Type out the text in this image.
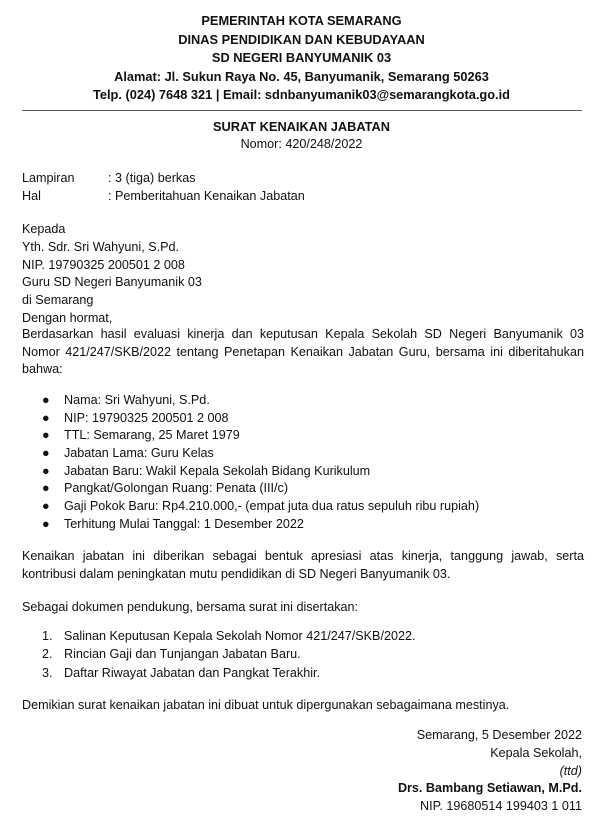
PEMERINTAH KOTA SEMARANG
DINAS PENDIDIKAN DAN KEBUDAYAAN
SD NEGERI BANYUMANIK 03
Alamat: Jl. Sukun Raya No. 45, Banyumanik, Semarang 50263
Telp. (024) 7648 321 | Email: sdnbanyumanik03@semarangkota.go.id
SURAT KENAIKAN JABATAN
Nomor: 420/248/2022
Lampiran	: 3 (tiga) berkas
Hal	: Pemberitahuan Kenaikan Jabatan
Kepada
Yth. Sdr. Sri Wahyuni, S.Pd.
NIP. 19790325 200501 2 008
Guru SD Negeri Banyumanik 03
di Semarang
Dengan hormat,
Berdasarkan hasil evaluasi kinerja dan keputusan Kepala Sekolah SD Negeri Banyumanik 03 Nomor 421/247/SKB/2022 tentang Penetapan Kenaikan Jabatan Guru, bersama ini diberitahukan bahwa:
●	Nama: Sri Wahyuni, S.Pd.
●	NIP: 19790325 200501 2 008
●	TTL: Semarang, 25 Maret 1979
●	Jabatan Lama: Guru Kelas
●	Jabatan Baru: Wakil Kepala Sekolah Bidang Kurikulum
●	Pangkat/Golongan Ruang: Penata (III/c)
●	Gaji Pokok Baru: Rp4.210.000,- (empat juta dua ratus sepuluh ribu rupiah)
●	Terhitung Mulai Tanggal: 1 Desember 2022
Kenaikan jabatan ini diberikan sebagai bentuk apresiasi atas kinerja, tanggung jawab, serta kontribusi dalam peningkatan mutu pendidikan di SD Negeri Banyumanik 03.
Sebagai dokumen pendukung, bersama surat ini disertakan:
1. Salinan Keputusan Kepala Sekolah Nomor 421/247/SKB/2022.
2. Rincian Gaji dan Tunjangan Jabatan Baru.
3. Daftar Riwayat Jabatan dan Pangkat Terakhir.
Demikian surat kenaikan jabatan ini dibuat untuk dipergunakan sebagaimana mestinya.
Semarang, 5 Desember 2022
Kepala Sekolah,
(ttd)
Drs. Bambang Setiawan, M.Pd.
NIP. 19680514 199403 1 011
